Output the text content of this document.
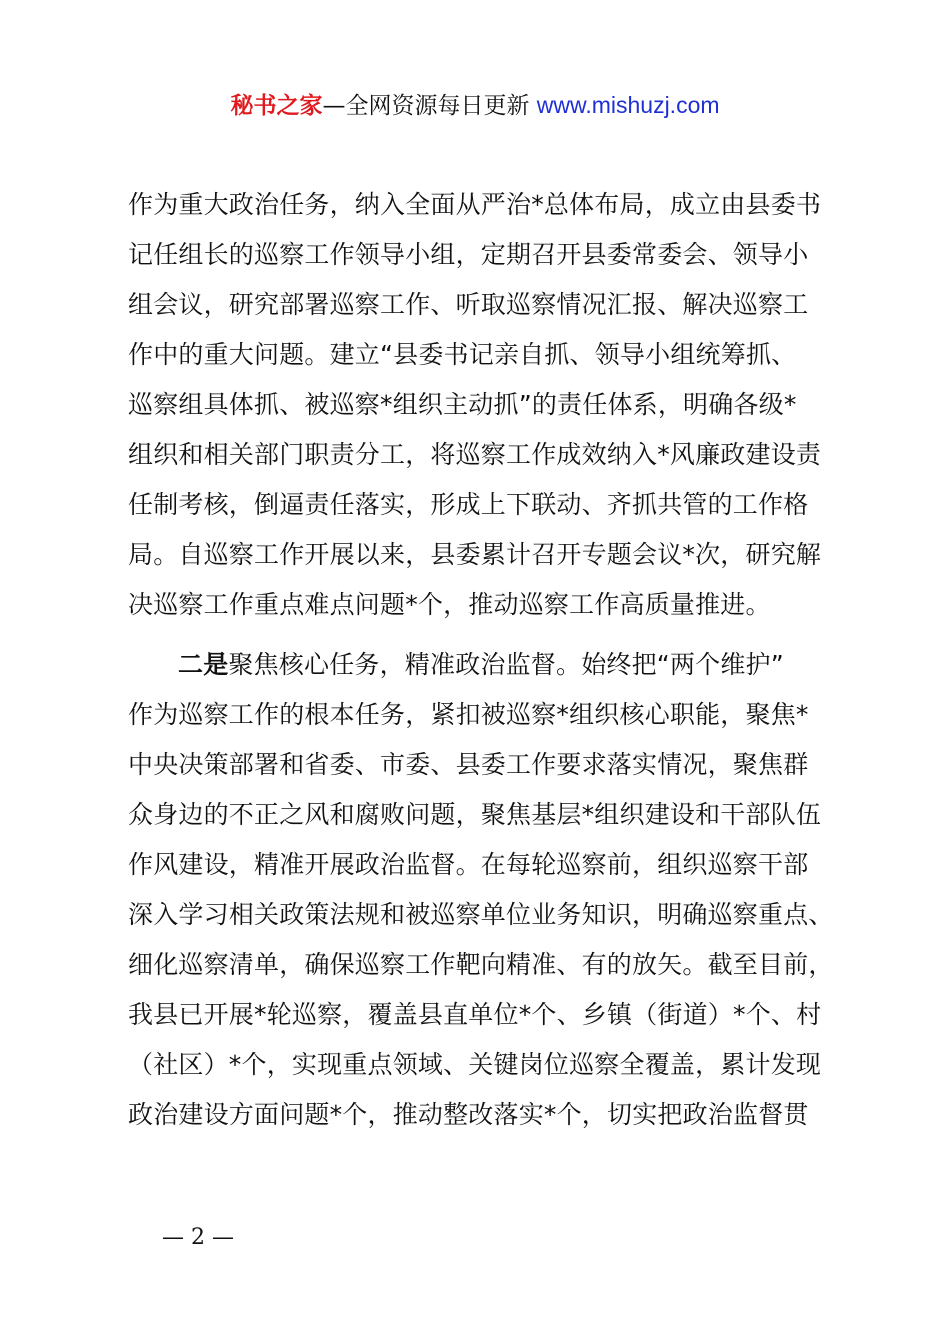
秘书之家—全网资源每日更新 www.mishuzj.com
作为重大政治任务，纳入全面从严治*总体布局，成立由县委书
记任组长的巡察工作领导小组，定期召开县委常委会、领导小
组会议，研究部署巡察工作、听取巡察情况汇报、解决巡察工
作中的重大问题。建立“县委书记亲自抓、领导小组统筹抓、
巡察组具体抓、被巡察*组织主动抓”的责任体系，明确各级*
组织和相关部门职责分工，将巡察工作成效纳入*风廉政建设责
任制考核，倒逼责任落实，形成上下联动、齐抓共管的工作格
局。自巡察工作开展以来，县委累计召开专题会议*次，研究解
决巡察工作重点难点问题*个，推动巡察工作高质量推进。
二是聚焦核心任务，精准政治监督。始终把“两个维护”
作为巡察工作的根本任务，紧扣被巡察*组织核心职能，聚焦*
中央决策部署和省委、市委、县委工作要求落实情况，聚焦群
众身边的不正之风和腐败问题，聚焦基层*组织建设和干部队伍
作风建设，精准开展政治监督。在每轮巡察前，组织巡察干部
深入学习相关政策法规和被巡察单位业务知识，明确巡察重点、
细化巡察清单，确保巡察工作靶向精准、有的放矢。截至目前，
我县已开展*轮巡察，覆盖县直单位*个、乡镇（街道）*个、村
（社区）*个，实现重点领域、关键岗位巡察全覆盖，累计发现
政治建设方面问题*个，推动整改落实*个，切实把政治监督贯
— 2 —
